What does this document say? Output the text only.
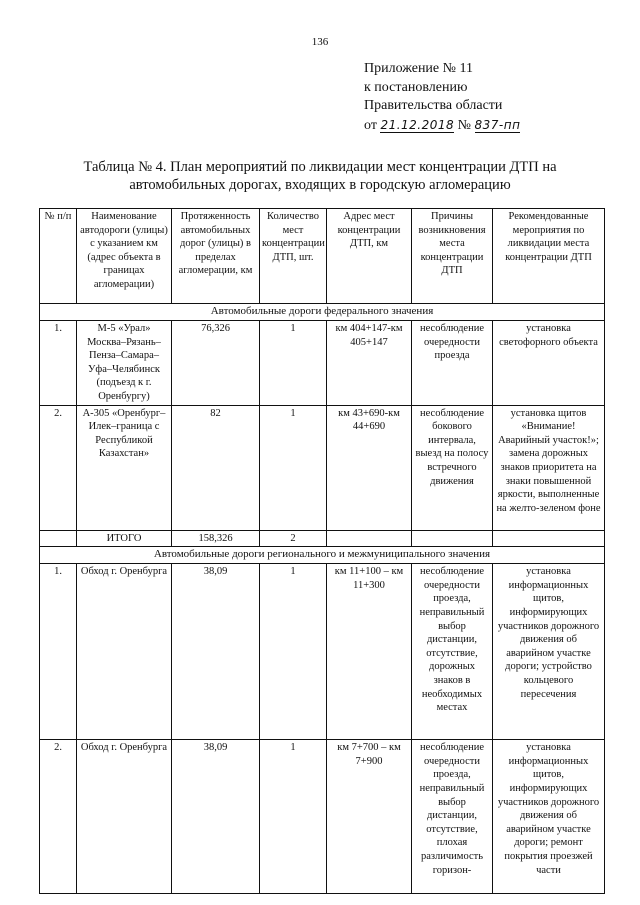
136
Приложение № 11
к постановлению
Правительства области
от 21.12.2018 № 837-пп
Таблица № 4. План мероприятий по ликвидации мест концентрации ДТП на
автомобильных дорогах, входящих в городскую агломерацию
№ п/п	Наименование автодороги (улицы) с указанием км (адрес объекта в границах агломерации)	Протяженность автомобильных дорог (улицы) в пределах агломерации, км	Количество мест концентрации ДТП, шт.	Адрес мест концентрации ДТП, км	Причины возникновения места концентрации ДТП	Рекомендованные мероприятия по ликвидации места концентрации ДТП
Автомобильные дороги федерального значения						
1.	М-5 «Урал» Москва–Рязань–Пенза–Самара–Уфа–Челябинск (подъезд к г. Оренбургу)	76,326	1	км 404+147-км 405+147	несоблюдение очередности проезда	установка светофорного объекта
2.	А-305 «Оренбург–Илек–граница с Республикой Казахстан»	82	1	км 43+690-км 44+690	несоблюдение бокового интервала, выезд на полосу встречного движения	установка щитов «Внимание! Аварийный участок!»; замена дорожных знаков приоритета на знаки повышенной яркости, выполненные на желто-зеленом фоне
	ИТОГО	158,326	2			
Автомобильные дороги регионального и межмуниципального значения						
1.	Обход г. Оренбурга	38,09	1	км 11+100 – км 11+300	несоблюдение очередности проезда, неправильный выбор дистанции, отсутствие, дорожных знаков в необходимых местах	установка информационных щитов, информирующих участников дорожного движения об аварийном участке дороги; устройство кольцевого пересечения
2.	Обход г. Оренбурга	38,09	1	км 7+700 – км 7+900	несоблюдение очередности проезда, неправильный выбор дистанции, отсутствие, плохая различимость горизон-	установка информационных щитов, информирующих участников дорожного движения об аварийном участке дороги; ремонт покрытия проезжей части
